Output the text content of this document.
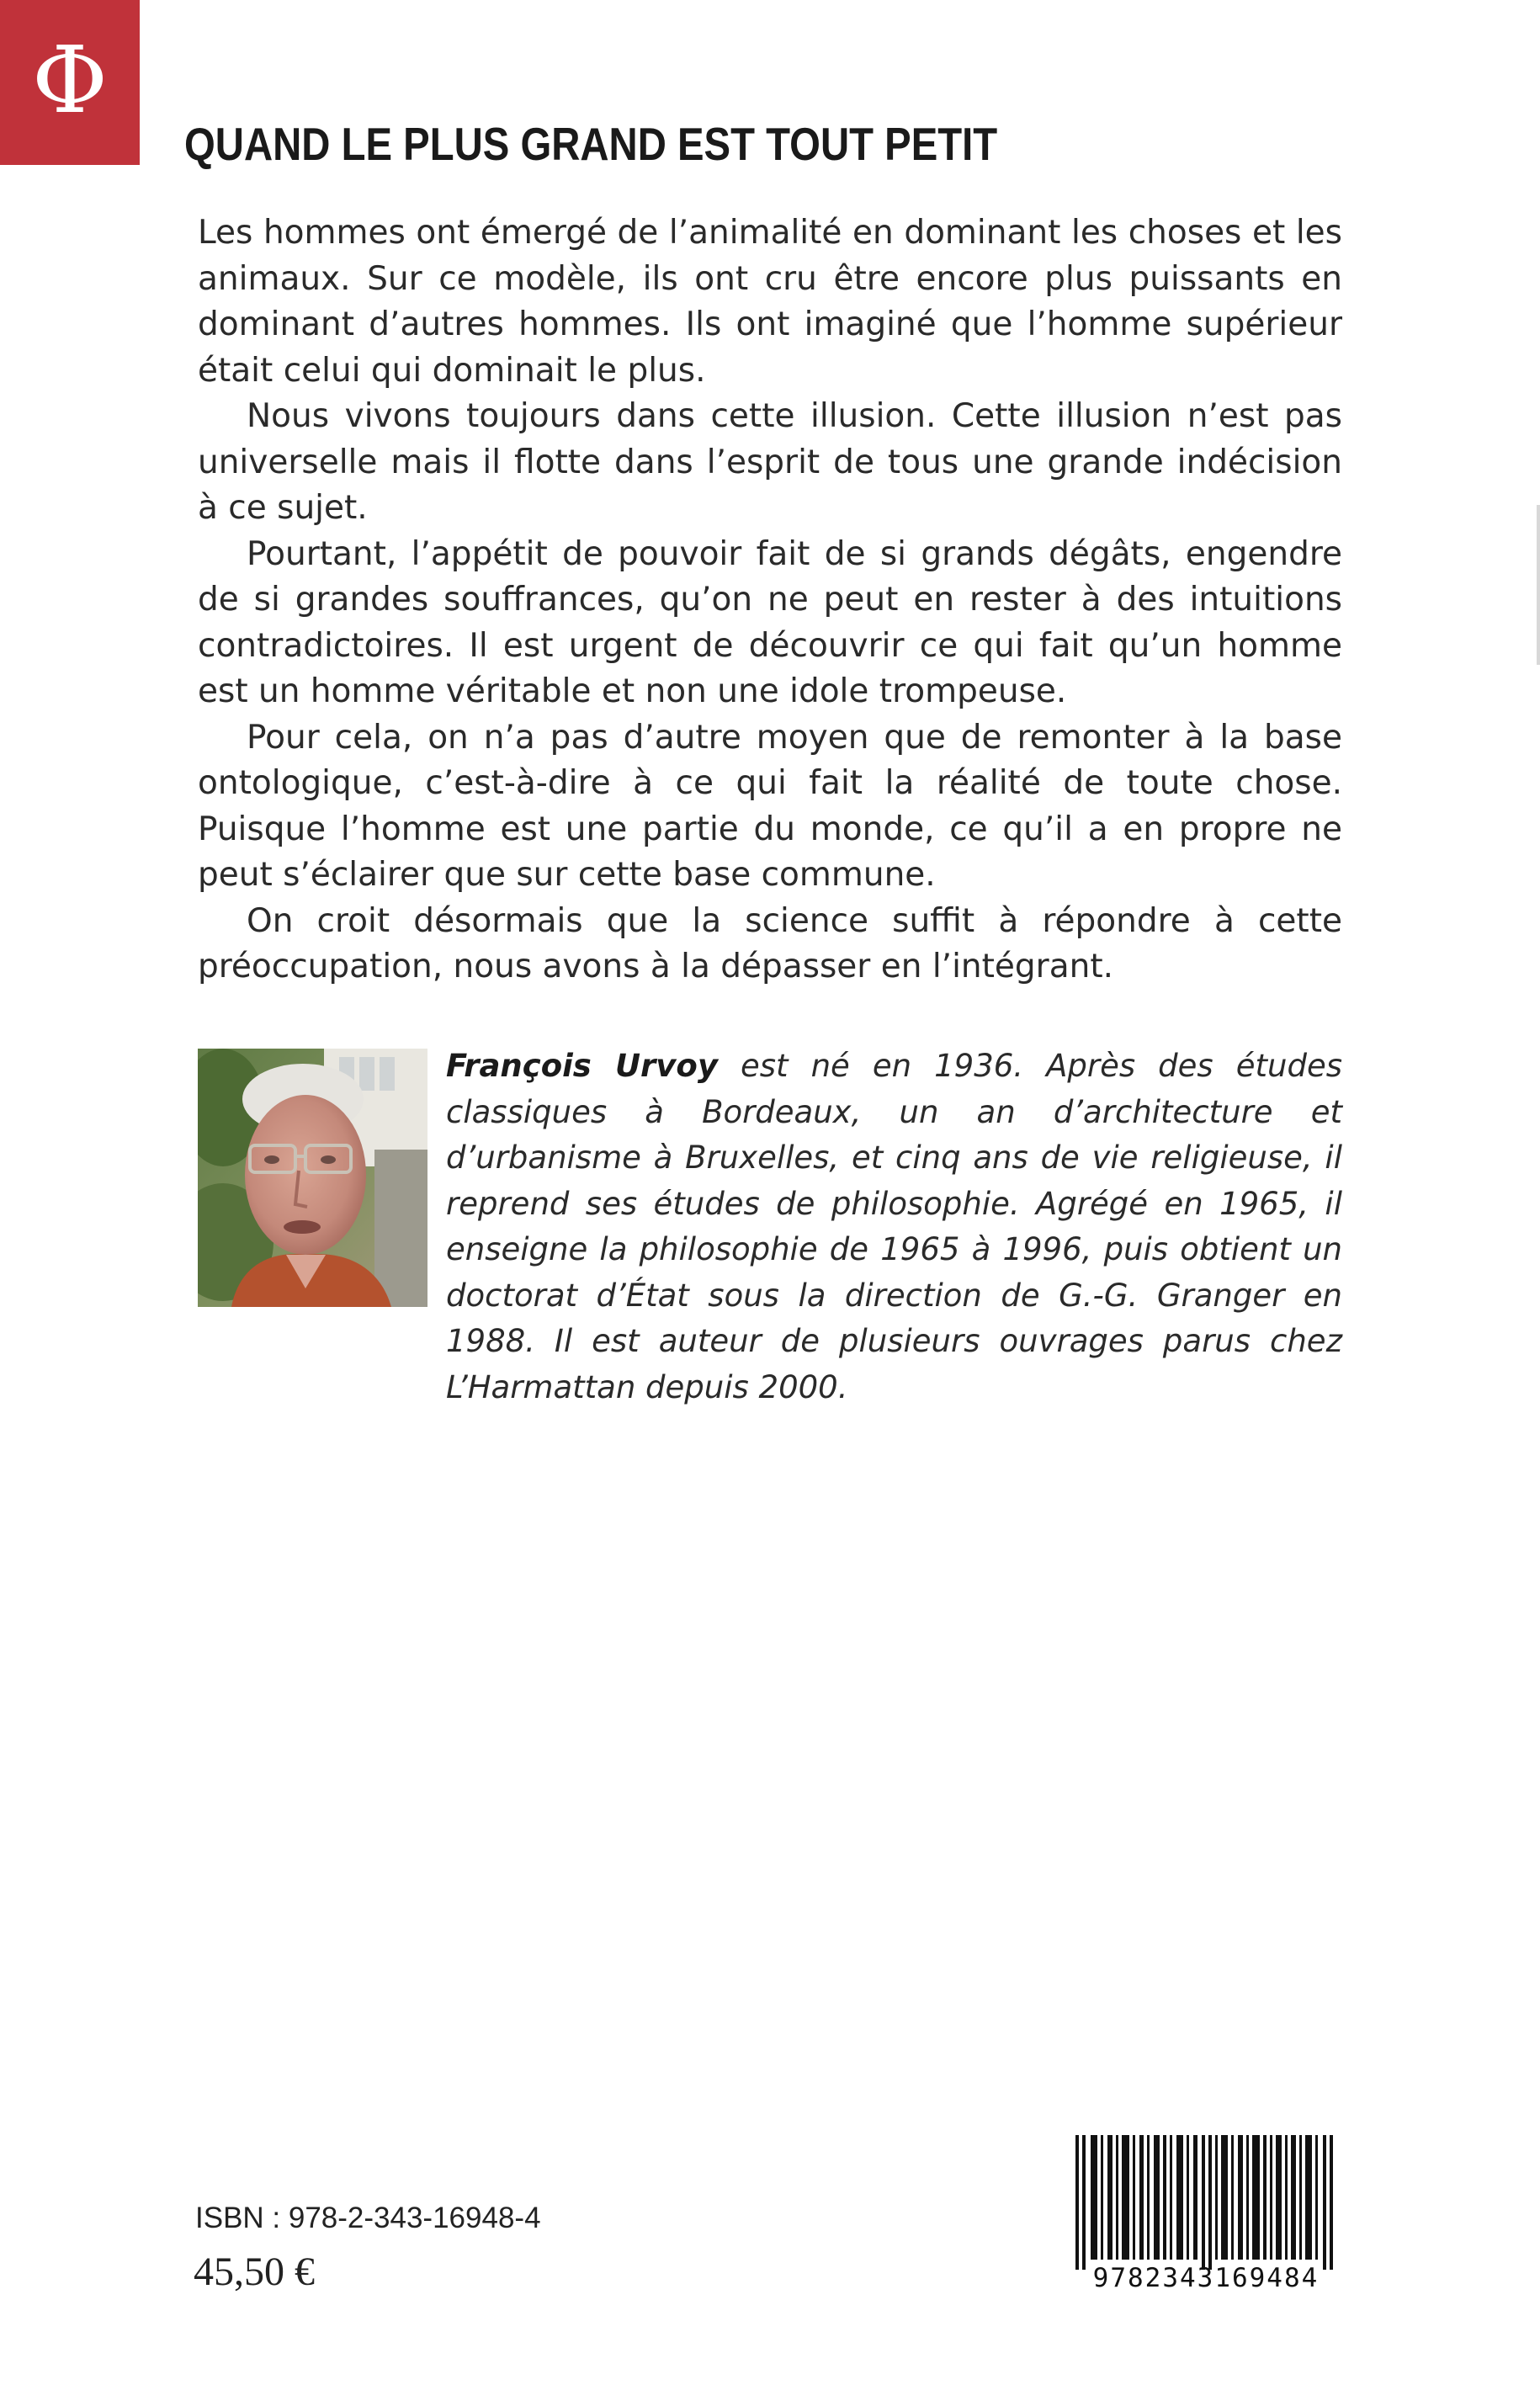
Φ
QUAND LE PLUS GRAND EST TOUT PETIT

Les hommes ont émergé de l’animalité en dominant les choses et les animaux. Sur ce modèle, ils ont cru être encore plus puissants en dominant d’autres hommes. Ils ont imaginé que l’homme supérieur était celui qui dominait le plus.

Nous vivons toujours dans cette illusion. Cette illusion n’est pas universelle mais il flotte dans l’esprit de tous une grande indécision à ce sujet.

Pourtant, l’appétit de pouvoir fait de si grands dégâts, engendre de si grandes souffrances, qu’on ne peut en rester à des intuitions contradictoires. Il est urgent de découvrir ce qui fait qu’un homme est un homme véritable et non une idole trompeuse.

Pour cela, on n’a pas d’autre moyen que de remonter à la base ontologique, c’est-à-dire à ce qui fait la réalité de toute chose. Puisque l’homme est une partie du monde, ce qu’il a en propre ne peut s’éclairer que sur cette base commune.

On croit désormais que la science suffit à répondre à cette préoccupation, nous avons à la dépasser en l’intégrant.

François Urvoy est né en 1936. Après des études classiques à Bordeaux, un an d’architecture et d’urbanisme à Bruxelles, et cinq ans de vie religieuse, il reprend ses études de philosophie. Agrégé en 1965, il enseigne la philosophie de 1965 à 1996, puis obtient un doctorat d’État sous la direction de G.-G. Granger en 1988. Il est auteur de plusieurs ouvrages parus chez L’Harmattan depuis 2000.

ISBN : 978-2-343-16948-4
45,50 €	9782343169484
